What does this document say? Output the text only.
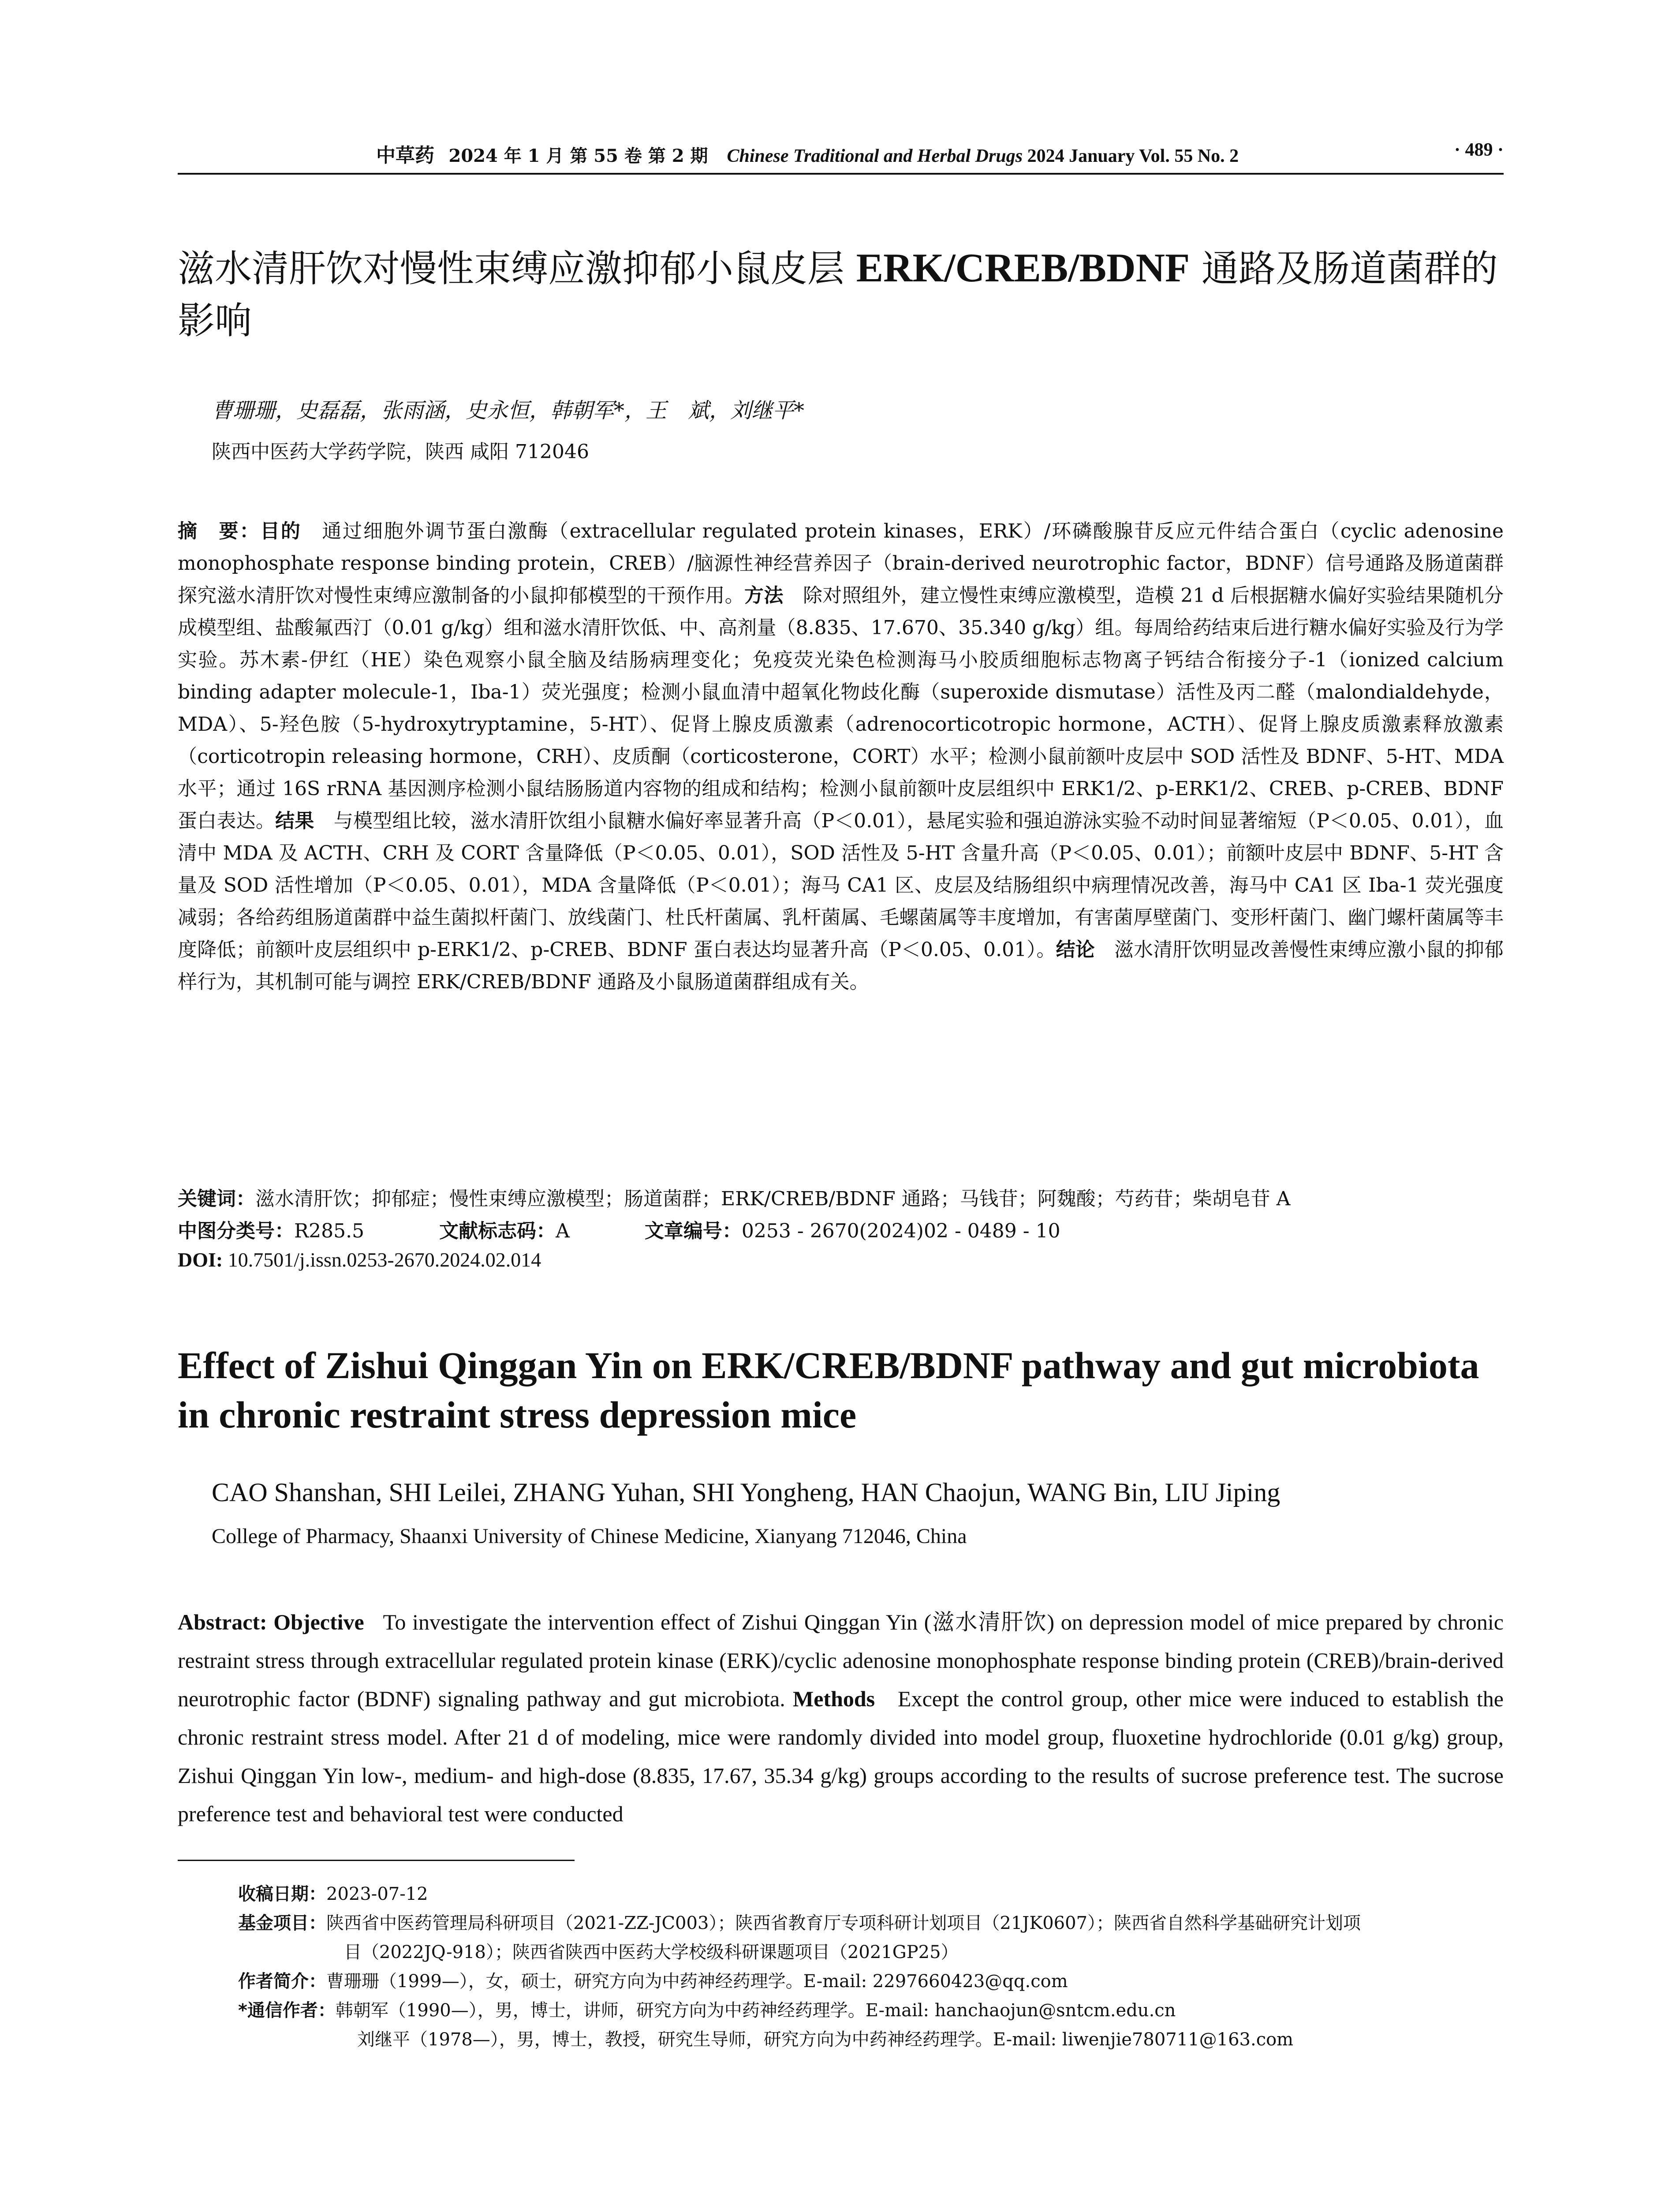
中草药 2024 年 1 月 第 55 卷 第 2 期 Chinese Traditional and Herbal Drugs 2024 January Vol. 55 No. 2	· 489 ·
滋水清肝饮对慢性束缚应激抑郁小鼠皮层 ERK/CREB/BDNF 通路及肠道菌群的影响
曹珊珊，史磊磊，张雨涵，史永恒，韩朝军*，王　斌，刘继平*
陕西中医药大学药学院，陕西 咸阳 712046
摘　要：目的　通过细胞外调节蛋白激酶（extracellular regulated protein kinases，ERK）/环磷酸腺苷反应元件结合蛋白（cyclic adenosine monophosphate response binding protein，CREB）/脑源性神经营养因子（brain-derived neurotrophic factor，BDNF）信号通路及肠道菌群探究滋水清肝饮对慢性束缚应激制备的小鼠抑郁模型的干预作用。方法　除对照组外，建立慢性束缚应激模型，造模 21 d 后根据糖水偏好实验结果随机分成模型组、盐酸氟西汀（0.01 g/kg）组和滋水清肝饮低、中、高剂量（8.835、17.670、35.340 g/kg）组。每周给药结束后进行糖水偏好实验及行为学实验。苏木素-伊红（HE）染色观察小鼠全脑及结肠病理变化；免疫荧光染色检测海马小胶质细胞标志物离子钙结合衔接分子-1（ionized calcium binding adapter molecule-1，Iba-1）荧光强度；检测小鼠血清中超氧化物歧化酶（superoxide dismutase）活性及丙二醛（malondialdehyde，MDA）、5-羟色胺（5-hydroxytryptamine，5-HT）、促肾上腺皮质激素（adrenocorticotropic hormone，ACTH）、促肾上腺皮质激素释放激素（corticotropin releasing hormone，CRH）、皮质酮（corticosterone，CORT）水平；检测小鼠前额叶皮层中 SOD 活性及 BDNF、5-HT、MDA 水平；通过 16S rRNA 基因测序检测小鼠结肠肠道内容物的组成和结构；检测小鼠前额叶皮层组织中 ERK1/2、p-ERK1/2、CREB、p-CREB、BDNF 蛋白表达。结果　与模型组比较，滋水清肝饮组小鼠糖水偏好率显著升高（P＜0.01），悬尾实验和强迫游泳实验不动时间显著缩短（P＜0.05、0.01），血清中 MDA 及 ACTH、CRH 及 CORT 含量降低（P＜0.05、0.01），SOD 活性及 5-HT 含量升高（P＜0.05、0.01）；前额叶皮层中 BDNF、5-HT 含量及 SOD 活性增加（P＜0.05、0.01），MDA 含量降低（P＜0.01）；海马 CA1 区、皮层及结肠组织中病理情况改善，海马中 CA1 区 Iba-1 荧光强度减弱；各给药组肠道菌群中益生菌拟杆菌门、放线菌门、杜氏杆菌属、乳杆菌属、毛螺菌属等丰度增加，有害菌厚壁菌门、变形杆菌门、幽门螺杆菌属等丰度降低；前额叶皮层组织中 p-ERK1/2、p-CREB、BDNF 蛋白表达均显著升高（P＜0.05、0.01）。结论　滋水清肝饮明显改善慢性束缚应激小鼠的抑郁样行为，其机制可能与调控 ERK/CREB/BDNF 通路及小鼠肠道菌群组成有关。
关键词：滋水清肝饮；抑郁症；慢性束缚应激模型；肠道菌群；ERK/CREB/BDNF 通路；马钱苷；阿魏酸；芍药苷；柴胡皂苷 A
中图分类号：R285.5	文献标志码：A	文章编号：0253 - 2670(2024)02 - 0489 - 10
DOI: 10.7501/j.issn.0253-2670.2024.02.014
Effect of Zishui Qinggan Yin on ERK/CREB/BDNF pathway and gut microbiota in chronic restraint stress depression mice
CAO Shanshan, SHI Leilei, ZHANG Yuhan, SHI Yongheng, HAN Chaojun, WANG Bin, LIU Jiping
College of Pharmacy, Shaanxi University of Chinese Medicine, Xianyang 712046, China
Abstract: Objective   To investigate the intervention effect of Zishui Qinggan Yin (滋水清肝饮) on depression model of mice prepared by chronic restraint stress through extracellular regulated protein kinase (ERK)/cyclic adenosine monophosphate response binding protein (CREB)/brain-derived neurotrophic factor (BDNF) signaling pathway and gut microbiota. Methods   Except the control group, other mice were induced to establish the chronic restraint stress model. After 21 d of modeling, mice were randomly divided into model group, fluoxetine hydrochloride (0.01 g/kg) group, Zishui Qinggan Yin low-, medium- and high-dose (8.835, 17.67, 35.34 g/kg) groups according to the results of sucrose preference test. The sucrose preference test and behavioral test were conducted
收稿日期：2023-07-12
基金项目：陕西省中医药管理局科研项目（2021-ZZ-JC003）；陕西省教育厅专项科研计划项目（21JK0607）；陕西省自然科学基础研究计划项
目（2022JQ-918）；陕西省陕西中医药大学校级科研课题项目（2021GP25）
作者简介：曹珊珊（1999—），女，硕士，研究方向为中药神经药理学。E-mail: 2297660423@qq.com
*通信作者：韩朝军（1990—），男，博士，讲师，研究方向为中药神经药理学。E-mail: hanchaojun@sntcm.edu.cn
刘继平（1978—），男，博士，教授，研究生导师，研究方向为中药神经药理学。E-mail: liwenjie780711@163.com
